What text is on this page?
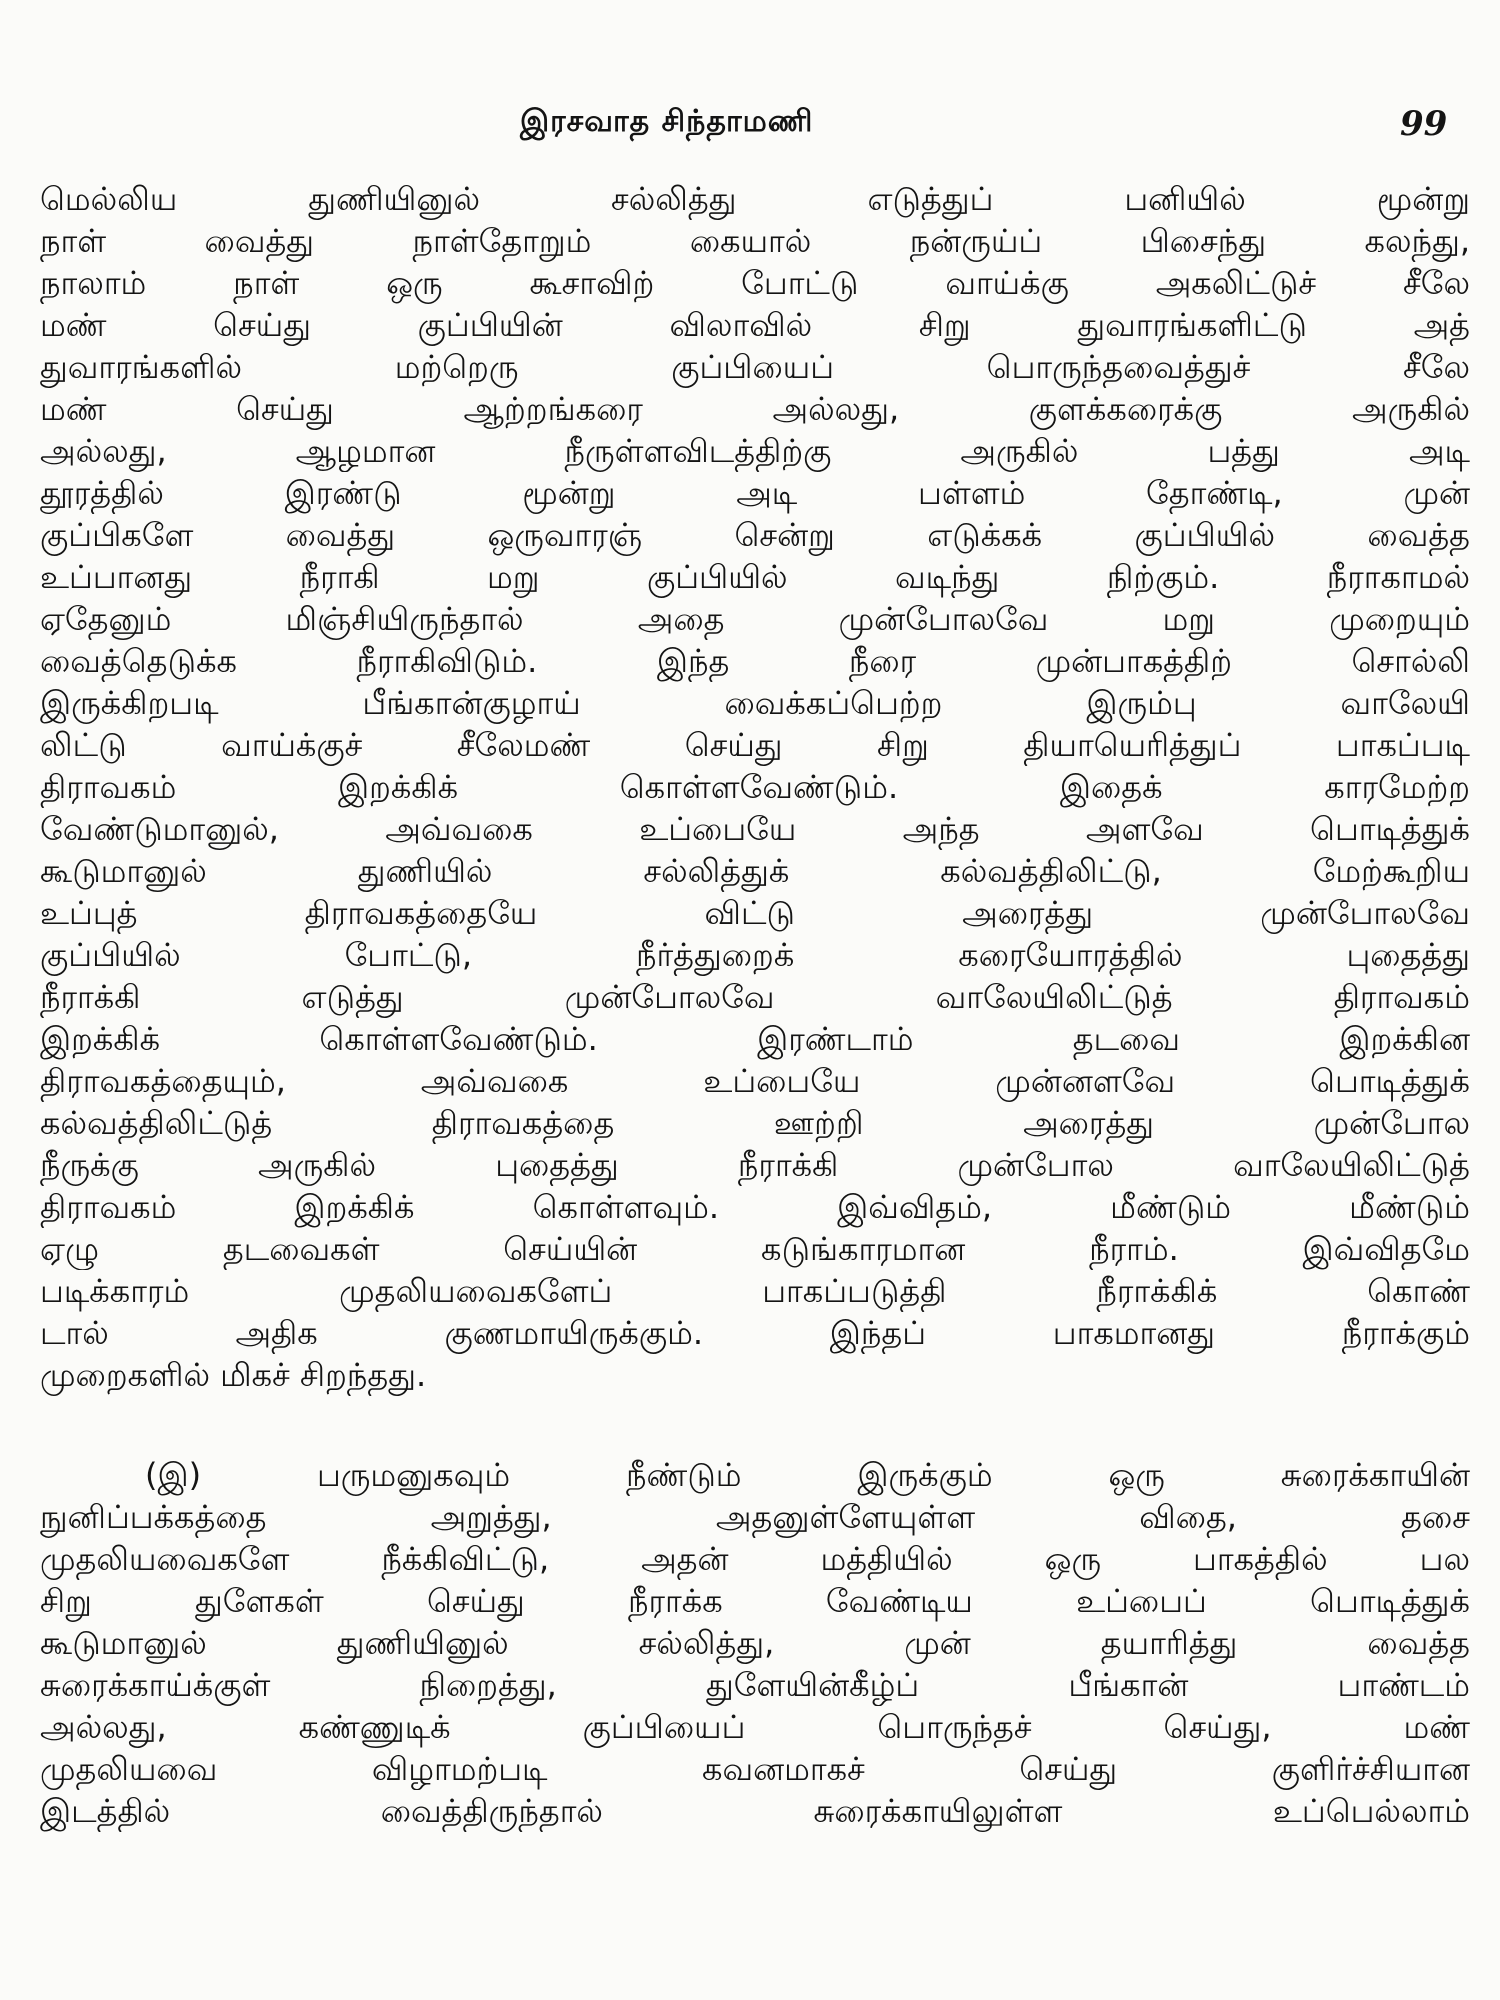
இரசவாத சிந்தாமணி	99
மெல்லிய துணியினுல் சல்லித்து எடுத்துப் பனியில் மூன்று
நாள் வைத்து நாள்தோறும் கையால் நன்ருய்ப் பிசைந்து கலந்து,
நாலாம் நாள் ஒரு கூசாவிற் போட்டு வாய்க்கு அகலிட்டுச் சீலே
மண் செய்து குப்பியின் விலாவில் சிறு துவாரங்களிட்டு அத்
துவாரங்களில் மற்றெரு குப்பியைப் பொருந்தவைத்துச் சீலே
மண் செய்து ஆற்றங்கரை அல்லது, குளக்கரைக்கு அருகில்
அல்லது, ஆழமான நீருள்ளவிடத்திற்கு அருகில் பத்து அடி
தூரத்தில் இரண்டு மூன்று அடி பள்ளம் தோண்டி, முன்
குப்பிகளே வைத்து ஒருவாரஞ் சென்று எடுக்கக் குப்பியில் வைத்த
உப்பானது நீராகி மறு குப்பியில் வடிந்து நிற்கும். நீராகாமல்
ஏதேனும் மிஞ்சியிருந்தால் அதை முன்போலவே மறு முறையும்
வைத்தெடுக்க நீராகிவிடும். இந்த நீரை முன்பாகத்திற் சொல்லி
இருக்கிறபடி பீங்கான்குழாய் வைக்கப்பெற்ற இரும்பு வாலேயி
லிட்டு வாய்க்குச் சீலேமண் செய்து சிறு தியாயெரித்துப் பாகப்படி
திராவகம் இறக்கிக் கொள்ளவேண்டும். இதைக் காரமேற்ற
வேண்டுமானுல், அவ்வகை உப்பையே அந்த அளவே பொடித்துக்
கூடுமானுல் துணியில் சல்லித்துக் கல்வத்திலிட்டு, மேற்கூறிய
உப்புத் திராவகத்தையே விட்டு அரைத்து முன்போலவே
குப்பியில் போட்டு, நீர்த்துறைக் கரையோரத்தில் புதைத்து
நீராக்கி எடுத்து முன்போலவே வாலேயிலிட்டுத் திராவகம்
இறக்கிக் கொள்ளவேண்டும். இரண்டாம் தடவை இறக்கின
திராவகத்தையும், அவ்வகை உப்பையே முன்னளவே பொடித்துக்
கல்வத்திலிட்டுத் திராவகத்தை ஊற்றி அரைத்து முன்போல
நீருக்கு அருகில் புதைத்து நீராக்கி முன்போல வாலேயிலிட்டுத்
திராவகம் இறக்கிக் கொள்ளவும். இவ்விதம், மீண்டும் மீண்டும்
ஏழு தடவைகள் செய்யின் கடுங்காரமான நீராம். இவ்விதமே
படிக்காரம் முதலியவைகளேப் பாகப்படுத்தி நீராக்கிக் கொண்
டால் அதிக குணமாயிருக்கும். இந்தப் பாகமானது நீராக்கும்
முறைகளில் மிகச் சிறந்தது.
(இ) பருமனுகவும் நீண்டும் இருக்கும் ஒரு சுரைக்காயின்
நுனிப்பக்கத்தை அறுத்து, அதனுள்ளேயுள்ள விதை, தசை
முதலியவைகளே நீக்கிவிட்டு, அதன் மத்தியில் ஒரு பாகத்தில் பல
சிறு துளேகள் செய்து நீராக்க வேண்டிய உப்பைப் பொடித்துக்
கூடுமானுல் துணியினுல் சல்லித்து, முன் தயாரித்து வைத்த
சுரைக்காய்க்குள் நிறைத்து, துளேயின்கீழ்ப் பீங்கான் பாண்டம்
அல்லது, கண்ணுடிக் குப்பியைப் பொருந்தச் செய்து, மண்
முதலியவை விழாமற்படி கவனமாகச் செய்து குளிர்ச்சியான
இடத்தில் வைத்திருந்தால் சுரைக்காயிலுள்ள உப்பெல்லாம்
